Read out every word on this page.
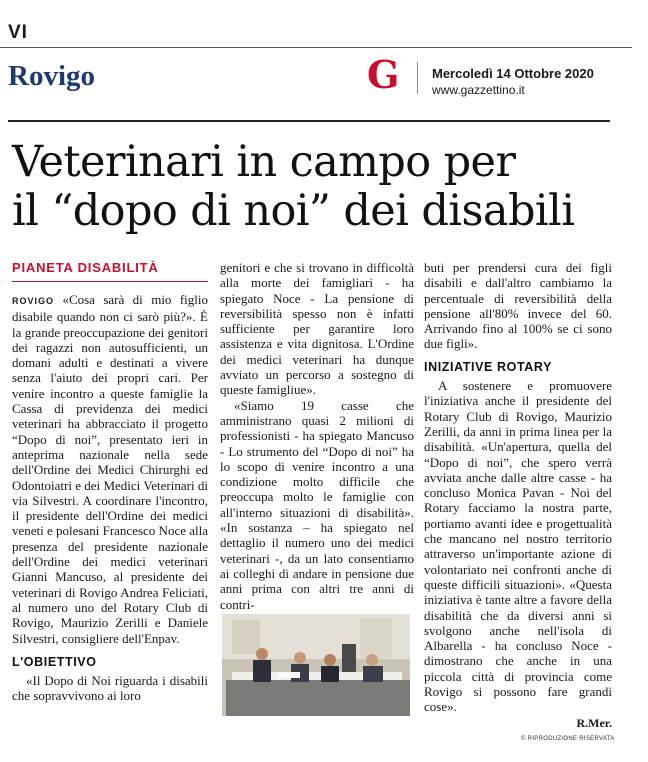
VI
Rovigo	G	Mercoledì 14 Ottobre 2020
www.gazzettino.it
Veterinari in campo per
il “dopo di noi” dei disabili
PIANETA DISABILITÀ

ROVIGO «Cosa sarà di mio figlio disabile quando non ci sarò più?». È la grande preoccupazione dei genitori dei ragazzi non autosufficienti, un domani adulti e destinati a vivere senza l'aiuto dei propri cari. Per venire incontro a queste famiglie la Cassa di previdenza dei medici veterinari ha abbracciato il progetto “Dopo di noi”, presentato ieri in anteprima nazionale nella sede dell'Ordine dei Medici Chirurghi ed Odontoiatri e dei Medici Veterinari di via Silvestri. A coordinare l'incontro, il presidente dell'Ordine dei medici veneti e polesani Francesco Noce alla presenza del presidente nazionale dell'Ordine dei medici veterinari Gianni Mancuso, al presidente dei veterinari di Rovigo Andrea Feliciati, al numero uno del Rotary Club di Rovigo, Maurizio Zerilli e Daniele Silvestri, consigliere dell'Enpav.

L'OBIETTIVO

«Il Dopo di Noi riguarda i disabili che sopravvivono ai loro

genitori e che si trovano in difficoltà alla morte dei famigliari - ha spiegato Noce - La pensione di reversibilità spesso non è infatti sufficiente per garantire loro assistenza e vita dignitosa. L'Ordine dei medici veterinari ha dunque avviato un percorso a sostegno di queste famigliue».

«Siamo 19 casse che amministrano quasi 2 milioni di professionisti - ha spiegato Mancuso - Lo strumento del “Dopo di noi” ha lo scopo di venire incontro a una condizione molto difficile che preoccupa molto le famiglie con all'interno situazioni di disabilità». «In sostanza – ha spiegato nel dettaglio il numero uno dei medici veterinari -, da un lato consentiamo ai colleghi di andare in pensione due anni prima con altri tre anni di contri-

buti per prendersi cura dei figli disabili e dall'altro cambiamo la percentuale di reversibilità della pensione all'80% invece del 60. Arrivando fino al 100% se ci sono due figli».

INIZIATIVE ROTARY

A sostenere e promuovere l'iniziativa anche il presidente del Rotary Club di Rovigo, Maurizio Zerilli, da anni in prima linea per la disabilità. «Un'apertura, quella del “Dopo di noi”, che spero verrà avviata anche dalle altre casse - ha concluso Monica Pavan - Noi del Rotary facciamo la nostra parte, portiamo avanti idee e progettualità che mancano nel nostro territorio attraverso un'importante azione di volontariato nei confronti anche di queste difficili situazioni». «Questa iniziativa è tante altre a favore della disabilità che da diversi anni si svolgono anche nell'isola di Albarella - ha concluso Noce - dimostrano che anche in una piccola città di provincia come Rovigo si possono fare grandi cose».

R.Mer.
© RIPRODUZIONE RISERVATA
